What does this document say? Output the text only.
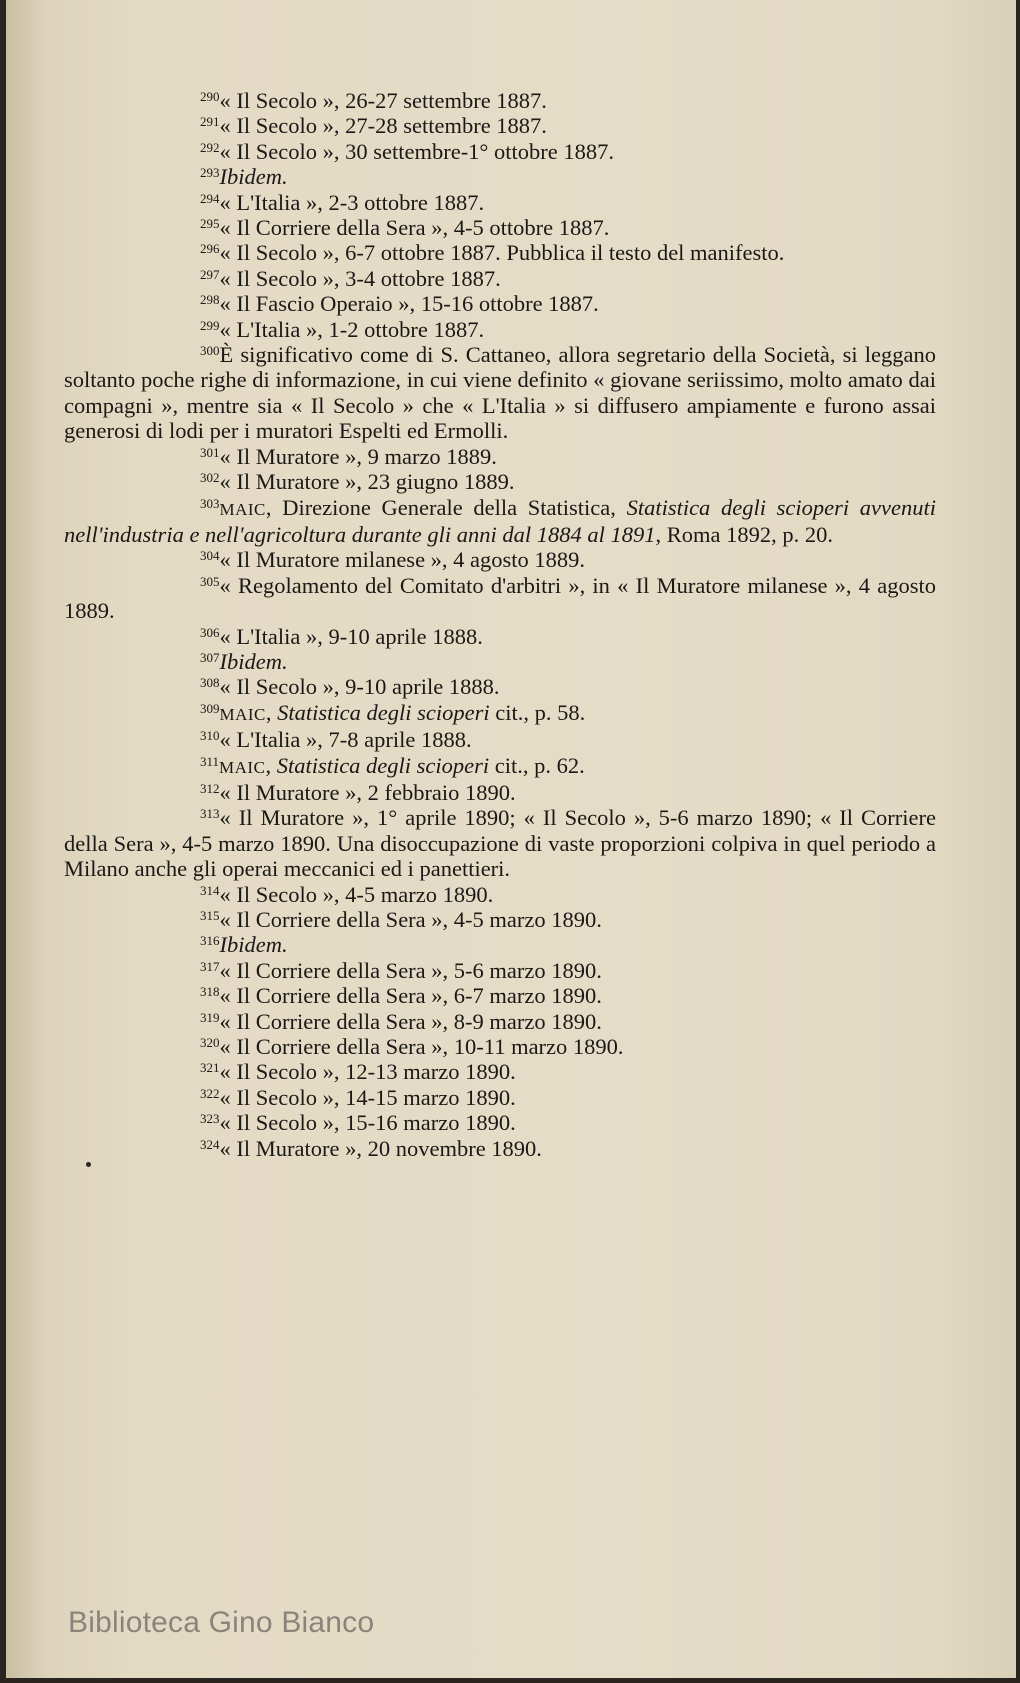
290« Il Secolo », 26-27 settembre 1887.

291« Il Secolo », 27-28 settembre 1887.

292« Il Secolo », 30 settembre-1° ottobre 1887.

293Ibidem.

294« L'Italia », 2-3 ottobre 1887.

295« Il Corriere della Sera », 4-5 ottobre 1887.

296« Il Secolo », 6-7 ottobre 1887. Pubblica il testo del manifesto.

297« Il Secolo », 3-4 ottobre 1887.

298« Il Fascio Operaio », 15-16 ottobre 1887.

299« L'Italia », 1-2 ottobre 1887.

300È significativo come di S. Cattaneo, allora segretario della Società, si leggano soltanto poche righe di informazione, in cui viene definito « giovane seriissimo, molto amato dai compagni », mentre sia « Il Secolo » che « L'Italia » si diffusero ampiamente e furono assai generosi di lodi per i muratori Espelti ed Ermolli.

301« Il Muratore », 9 marzo 1889.

302« Il Muratore », 23 giugno 1889.

303MAIC, Direzione Generale della Statistica, Statistica degli scioperi avvenuti nell'industria e nell'agricoltura durante gli anni dal 1884 al 1891, Roma 1892, p. 20.

304« Il Muratore milanese », 4 agosto 1889.

305« Regolamento del Comitato d'arbitri », in « Il Muratore milanese », 4 agosto 1889.

306« L'Italia », 9-10 aprile 1888.

307Ibidem.

308« Il Secolo », 9-10 aprile 1888.

309MAIC, Statistica degli scioperi cit., p. 58.

310« L'Italia », 7-8 aprile 1888.

311MAIC, Statistica degli scioperi cit., p. 62.

312« Il Muratore », 2 febbraio 1890.

313« Il Muratore », 1° aprile 1890; « Il Secolo », 5-6 marzo 1890; « Il Corriere della Sera », 4-5 marzo 1890. Una disoccupazione di vaste proporzioni colpiva in quel periodo a Milano anche gli operai meccanici ed i panettieri.

314« Il Secolo », 4-5 marzo 1890.

315« Il Corriere della Sera », 4-5 marzo 1890.

316Ibidem.

317« Il Corriere della Sera », 5-6 marzo 1890.

318« Il Corriere della Sera », 6-7 marzo 1890.

319« Il Corriere della Sera », 8-9 marzo 1890.

320« Il Corriere della Sera », 10-11 marzo 1890.

321« Il Secolo », 12-13 marzo 1890.

322« Il Secolo », 14-15 marzo 1890.

323« Il Secolo », 15-16 marzo 1890.

324« Il Muratore », 20 novembre 1890.

Biblioteca Gino Bianco
